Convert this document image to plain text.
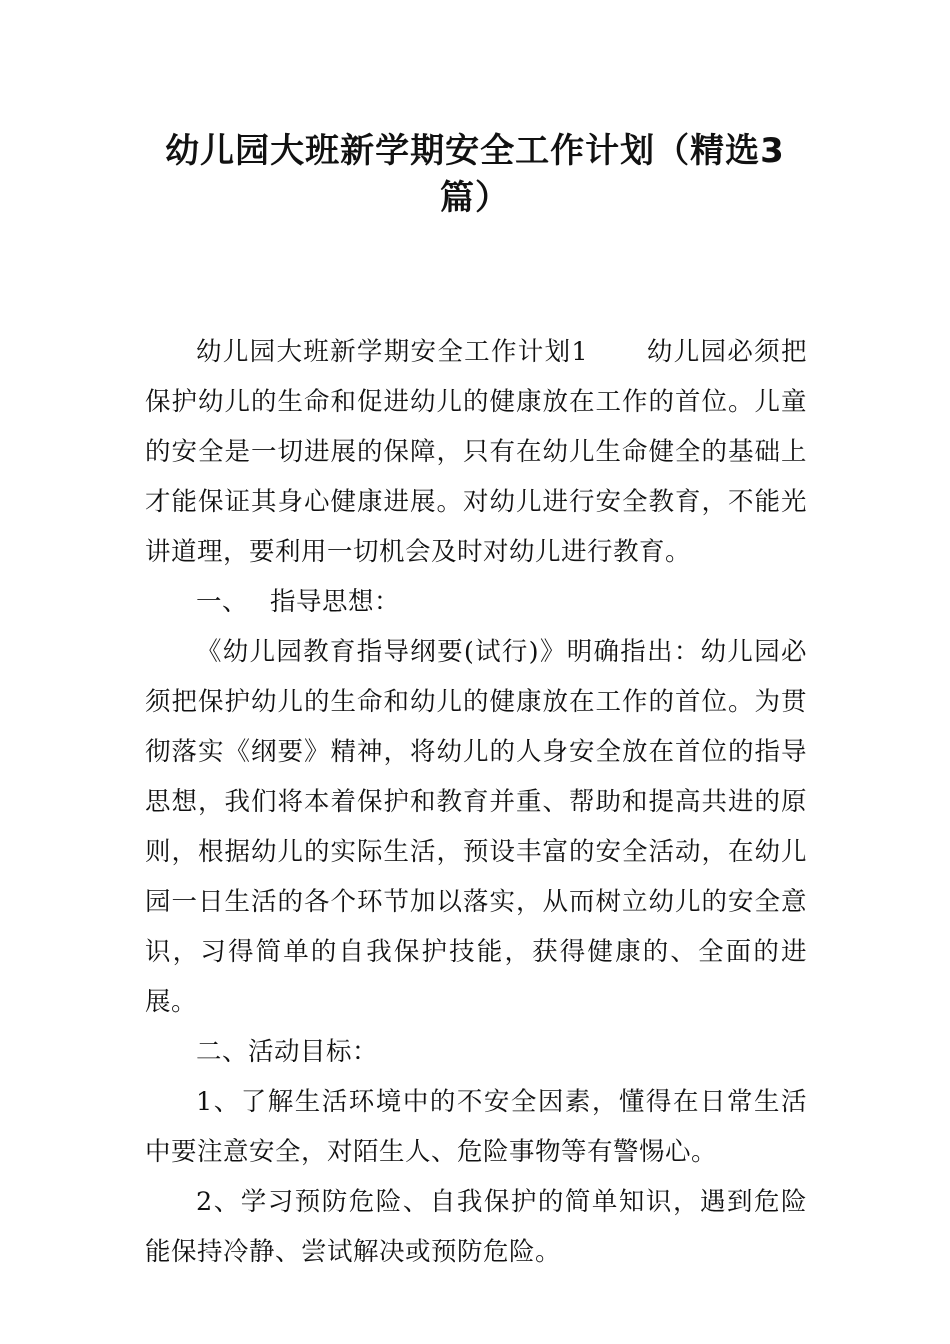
幼儿园大班新学期安全工作计划（精选3篇）

幼儿园大班新学期安全工作计划1 幼儿园必须把保护幼儿的生命和促进幼儿的健康放在工作的首位。儿童的安全是一切进展的保障，只有在幼儿生命健全的基础上才能保证其身心健康进展。对幼儿进行安全教育，不能光讲道理，要利用一切机会及时对幼儿进行教育。

一、 指导思想：

《幼儿园教育指导纲要(试行)》明确指出：幼儿园必须把保护幼儿的生命和幼儿的健康放在工作的首位。为贯彻落实《纲要》精神，将幼儿的人身安全放在首位的指导思想，我们将本着保护和教育并重、帮助和提高共进的原则，根据幼儿的实际生活，预设丰富的安全活动，在幼儿园一日生活的各个环节加以落实，从而树立幼儿的安全意识，习得简单的自我保护技能，获得健康的、全面的进展。

二、活动目标：

1、了解生活环境中的不安全因素，懂得在日常生活中要注意安全，对陌生人、危险事物等有警惕心。

2、学习预防危险、自我保护的简单知识，遇到危险能保持冷静、尝试解决或预防危险。
